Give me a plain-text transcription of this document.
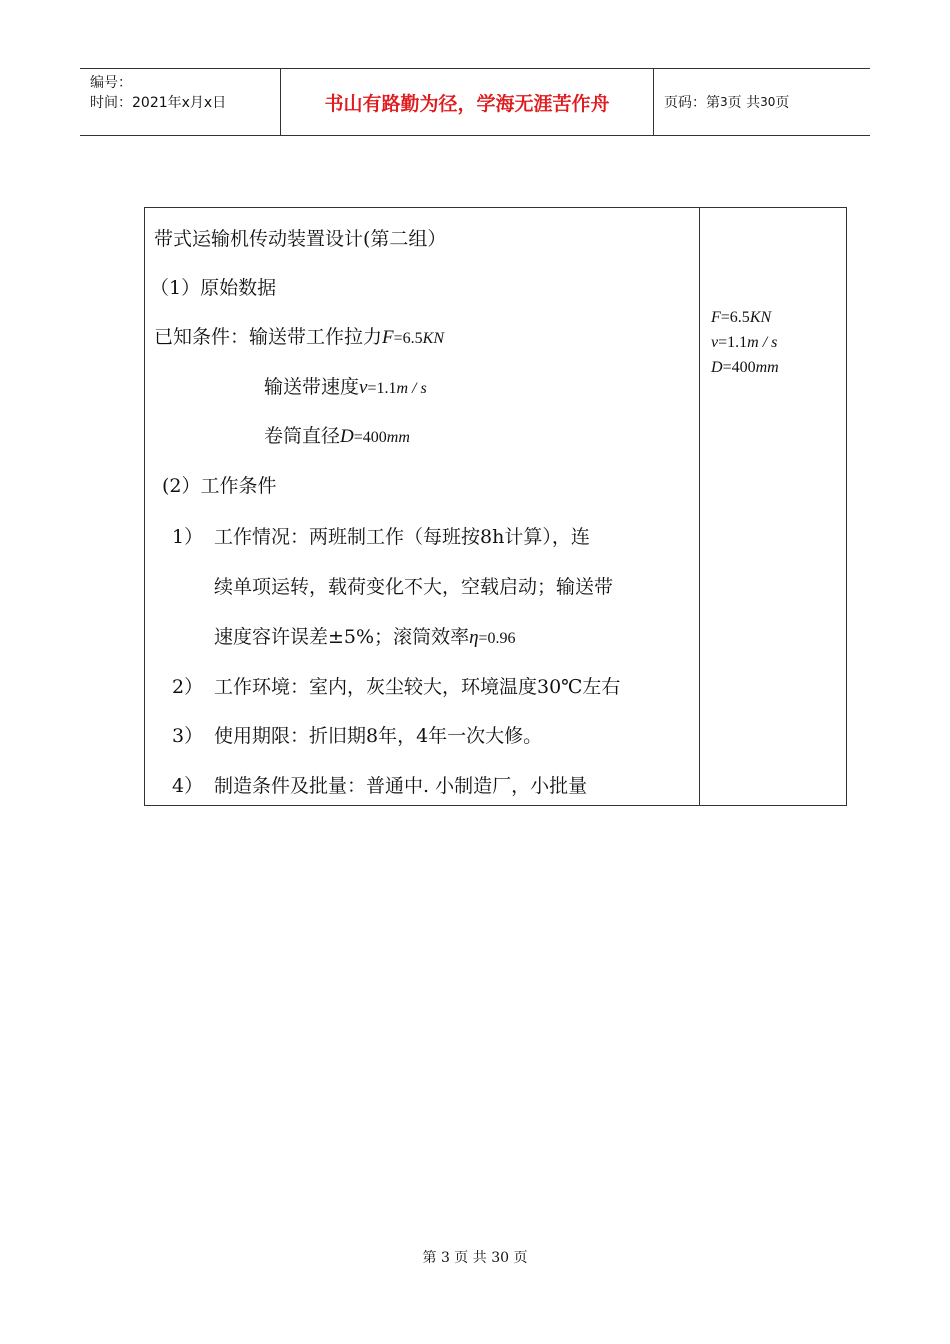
编号：
时间：2021年x月x日	书山有路勤为径，学海无涯苦作舟	页码：第 3 页 共 30 页
带式运输机传动装置设计(第二组）
（1）原始数据
已知条件：输送带工作拉力F=6.5KN
输送带速度v=1.1m / s
卷筒直径D=400mm
(2）工作条件
1） 工作情况：两班制工作（每班按8h计算），连
续单项运转，载荷变化不大，空载启动；输送带
速度容许误差±5%；滚筒效率η=0.96
2） 工作环境：室内，灰尘较大，环境温度30℃左右
3） 使用期限：折旧期8年，4年一次大修。
4） 制造条件及批量：普通中. 小制造厂，小批量
F=6.5KN
v=1.1m / s
D=400mm
第 3 页 共 30 页
